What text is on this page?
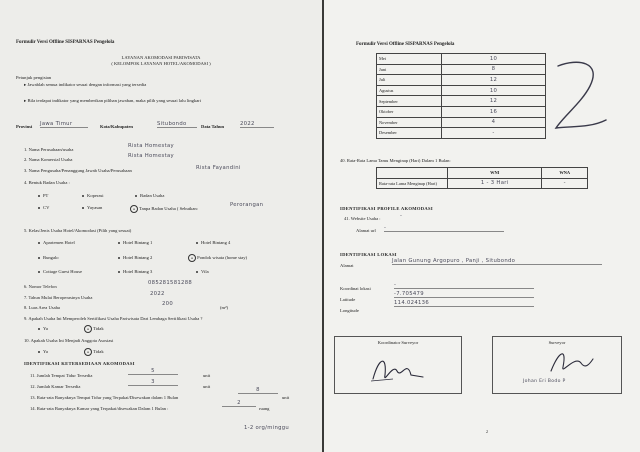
Formulir Versi Offline SISPARNAS Pengelola
LAYANAN AKOMODASI PARIWISATA
( KELOMPOK LAYANAN HOTEL/AKOMODASI )
Petunjuk pengisian
▸ Jawablah semua indikator sesuai dengan informasi yang tersedia
▸ Bila terdapat indikator yang memberikan pilihan jawaban, maka pilih yang sesuai lalu lingkari
Provinsi Jawa Timur	Kota/Kabupaten	Situbondo	Data Tahun	2022
1. Nama Perusahaan/usaha
Rista Homestay
2. Nama Komersial Usaha
Rista Homestay
3. Nama Pengusaha/Penanggung Jawab Usaha/Perusahaan	Rista Fayandini
4. Bentuk Badan Usaha :
PT	Koperasi	Badan Usaha
CV	Yayasan	● Tanpa Badan Usaha ( Sebutkan:
Perorangan
5. Kelas/Jenis Usaha Hotel/Akomodasi (Pilih yang sesuai)
Apartemen Hotel	Hotel Bintang 1	Hotel Bintang 4
Bungalo	Hotel Bintang 2	● Pondok wisata (home stay)
Cottage Guest House	Hotel Bintang 3	Vila
6. Nomor Telefon
085281581288
7. Tahun Mulai Beroperasinya Usaha
2022
8. Luas Area Usaha
200
(m²)
9. Apakah Usaha Ini Memperoleh Sertifikasi Usaha Pariwisata Dari Lembaga Sertifikasi Usaha ?
Ya	● Tidak
10. Apakah Usaha Ini Menjadi Anggota Asosiasi
Ya	● Tidak
IDENTIFIKASI KETERSEDIAAN AKOMODASI
11. Jumlah Tempat Tidur Tersedia
5
unit
12. Jumlah Kamar Tersedia
3
unit
13. Rata-rata Banyaknya Tempat Tidur yang Terpakai/Disewakan dalam 1 Bulan
8
unit
14. Rata-rata Banyaknya Kamar yang Terpakai/disewakan Dalam 1 Bulan :
2
ruang
1-2 org/minggu
Formulir Versi Offline SISPARNAS Pengelola
Mei	10
Juni	8
Juli	12
Agustus	10
September	12
Oktober	16
November	4
Desember	-
40. Rata-Rata Lama Tamu Menginap (Hari) Dalam 1 Bulan:
	WNI	WNA
Rata-rata Lama Menginap (Hari)	1 - 3 Hari	-
IDENTIFIKASI PROFILE AKOMODASI
41. Website Usaha :	-
Alamat url -
IDENTIFIKASI LOKASI
Alamat
Jalan Gunung Argopuro , Panji , Situbondo
Koordinat lokasi
-
Latitude
-7.705479
Longitude
114.024136
Koordinator Surveyor	Surveyor
Johan Eri Bodo P
2
